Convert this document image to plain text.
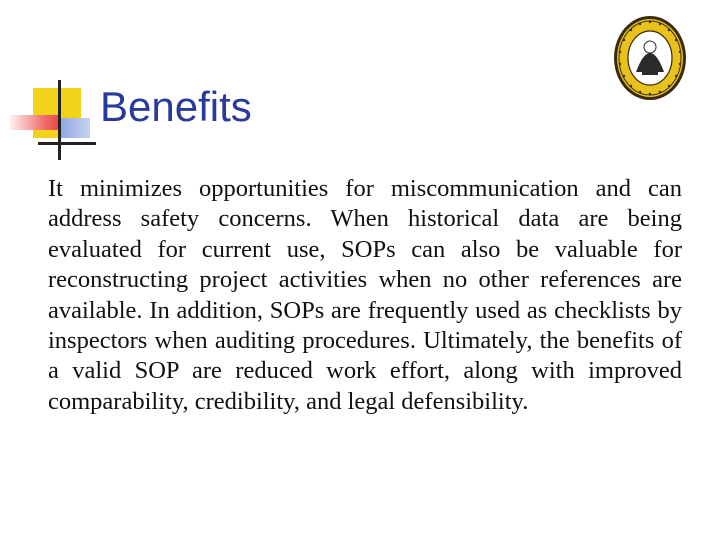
Benefits

It minimizes opportunities for miscommunication and can address safety concerns. When historical data are being evaluated for current use, SOPs can also be valuable for reconstructing project activities when no other references are available. In addition, SOPs are frequently used as checklists by inspectors when auditing procedures. Ultimately, the benefits of a valid SOP are reduced work effort, along with improved comparability, credibility, and legal defensibility.
